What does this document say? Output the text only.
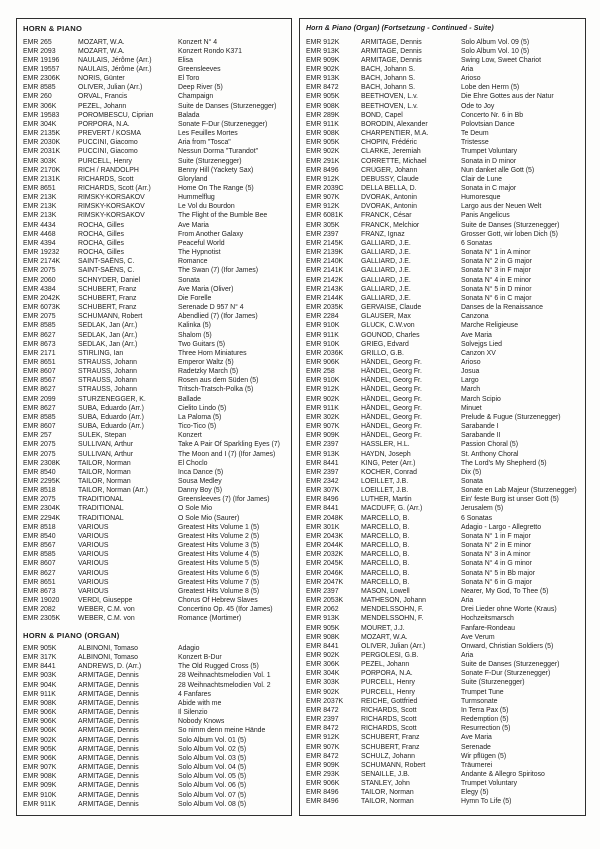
HORN & PIANO
EMR 265	MOZART, W.A.	Konzert N° 4
EMR 2093	MOZART, W.A.	Konzert Rondo K371
EMR 19196	NAULAIS, Jérôme (Arr.)	Elisa
EMR 19557	NAULAIS, Jérôme (Arr.)	Greensleeves
EMR 2306K	NORIS, Günter	El Toro
EMR 8585	OLIVER, Julian (Arr.)	Deep River (5)
EMR 260	ORVAL, Francis	Champaign
EMR 306K	PEZEL, Johann	Suite de Danses (Sturzenegger)
EMR 19583	POROMBESCU, Ciprian	Balada
EMR 304K	PORPORA, N.A.	Sonate F-Dur (Sturzenegger)
EMR 2135K	PREVERT / KOSMA	Les Feuilles Mortes
EMR 2030K	PUCCINI, Giacomo	Aria from "Tosca"
EMR 2031K	PUCCINI, Giacomo	Nessun Dorma "Turandot"
EMR 303K	PURCELL, Henry	Suite (Sturzenegger)
EMR 2170K	RICH / RANDOLPH	Benny Hill (Yackety Sax)
EMR 2131K	RICHARDS, Scott	Gloryland
EMR 8651	RICHARDS, Scott (Arr.)	Home On The Range (5)
EMR 213K	RIMSKY-KORSAKOV	Hummelflug
EMR 213K	RIMSKY-KORSAKOV	Le Vol du Bourdon
EMR 213K	RIMSKY-KORSAKOV	The Flight of the Bumble Bee
EMR 4434	ROCHA, Gilles	Ave Maria
EMR 4468	ROCHA, Gilles	From Another Galaxy
EMR 4394	ROCHA, Gilles	Peaceful World
EMR 19232	ROCHA, Gilles	The Hypnotist
EMR 2174K	SAINT-SAËNS, C.	Romance
EMR 2075	SAINT-SAËNS, C.	The Swan (7) (Ifor James)
EMR 2060	SCHNYDER, Daniel	Sonata
EMR 4384	SCHUBERT, Franz	Ave Maria (Oliver)
EMR 2042K	SCHUBERT, Franz	Die Forelle
EMR 6073K	SCHUBERT, Franz	Serenade D 957 N° 4
EMR 2075	SCHUMANN, Robert	Abendlied (7) (Ifor James)
EMR 8585	SEDLAK, Jan (Arr.)	Kalinka (5)
EMR 8627	SEDLAK, Jan (Arr.)	Shalom (5)
EMR 8673	SEDLAK, Jan (Arr.)	Two Guitars (5)
EMR 2171	STIRLING, Ian	Three Horn Miniatures
EMR 8651	STRAUSS, Johann	Emperor Waltz (5)
EMR 8607	STRAUSS, Johann	Radetzky March (5)
EMR 8567	STRAUSS, Johann	Rosen aus dem Süden (5)
EMR 8627	STRAUSS, Johann	Tritsch-Tratsch-Polka (5)
EMR 2099	STURZENEGGER, K.	Ballade
EMR 8627	SUBA, Eduardo (Arr.)	Cielito Lindo (5)
EMR 8585	SUBA, Eduardo (Arr.)	La Paloma (5)
EMR 8607	SUBA, Eduardo (Arr.)	Tico-Tico (5)
EMR 257	SULEK, Stepan	Konzert
EMR 2075	SULLIVAN, Arthur	Take A Pair Of Sparkling Eyes (7)
EMR 2075	SULLIVAN, Arthur	The Moon and I (7) (Ifor James)
EMR 2308K	TAILOR, Norman	El Choclo
EMR 8540	TAILOR, Norman	Inca Dance (5)
EMR 2295K	TAILOR, Norman	Sousa Medley
EMR 8518	TAILOR, Norman (Arr.)	Danny Boy (5)
EMR 2075	TRADITIONAL	Greensleeves (7) (Ifor James)
EMR 2304K	TRADITIONAL	O Sole Mio
EMR 2294K	TRADITIONAL	O Sole Mio (Saurer)
EMR 8518	VARIOUS	Greatest Hits Volume 1 (5)
EMR 8540	VARIOUS	Greatest Hits Volume 2 (5)
EMR 8567	VARIOUS	Greatest Hits Volume 3 (5)
EMR 8585	VARIOUS	Greatest Hits Volume 4 (5)
EMR 8607	VARIOUS	Greatest Hits Volume 5 (5)
EMR 8627	VARIOUS	Greatest Hits Volume 6 (5)
EMR 8651	VARIOUS	Greatest Hits Volume 7 (5)
EMR 8673	VARIOUS	Greatest Hits Volume 8 (5)
EMR 19020	VERDI, Giuseppe	Chorus Of Hebrew Slaves
EMR 2082	WEBER, C.M. von	Concertino Op. 45 (Ifor James)
EMR 2305K	WEBER, C.M. von	Romance (Mortimer)
HORN & PIANO (ORGAN)
EMR 905K	ALBINONI, Tomaso	Adagio
EMR 317K	ALBINONI, Tomaso	Konzert B-Dur
EMR 8441	ANDREWS, D. (Arr.)	The Old Rugged Cross (5)
EMR 903K	ARMITAGE, Dennis	28 Weihnachtsmelodien Vol. 1
EMR 904K	ARMITAGE, Dennis	28 Weihnachtsmelodien Vol. 2
EMR 911K	ARMITAGE, Dennis	4 Fanfares
EMR 908K	ARMITAGE, Dennis	Abide with me
EMR 906K	ARMITAGE, Dennis	Il Silenzio
EMR 906K	ARMITAGE, Dennis	Nobody Knows
EMR 906K	ARMITAGE, Dennis	So nimm denn meine Hände
EMR 902K	ARMITAGE, Dennis	Solo Album Vol. 01 (5)
EMR 905K	ARMITAGE, Dennis	Solo Album Vol. 02 (5)
EMR 906K	ARMITAGE, Dennis	Solo Album Vol. 03 (5)
EMR 907K	ARMITAGE, Dennis	Solo Album Vol. 04 (5)
EMR 908K	ARMITAGE, Dennis	Solo Album Vol. 05 (5)
EMR 909K	ARMITAGE, Dennis	Solo Album Vol. 06 (5)
EMR 910K	ARMITAGE, Dennis	Solo Album Vol. 07 (5)
EMR 911K	ARMITAGE, Dennis	Solo Album Vol. 08 (5)
Horn & Piano (Organ) (Fortsetzung - Continued - Suite)
EMR 912K	ARMITAGE, Dennis	Solo Album Vol. 09 (5)
EMR 913K	ARMITAGE, Dennis	Solo Album Vol. 10 (5)
EMR 909K	ARMITAGE, Dennis	Swing Low, Sweet Chariot
EMR 902K	BACH, Johann S.	Aria
EMR 913K	BACH, Johann S.	Arioso
EMR 8472	BACH, Johann S.	Lobe den Herrn (5)
EMR 905K	BEETHOVEN, L.v.	Die Ehre Gottes aus der Natur
EMR 908K	BEETHOVEN, L.v.	Ode to Joy
EMR 289K	BOND, Capel	Concerto Nr. 6 in Bb
EMR 911K	BORODIN, Alexander	Polovtsian Dance
EMR 908K	CHARPENTIER, M.A.	Te Deum
EMR 905K	CHOPIN, Frédéric	Tristesse
EMR 902K	CLARKE, Jeremiah	Trumpet Voluntary
EMR 291K	CORRETTE, Michael	Sonata in D minor
EMR 8496	CRÜGER, Johann	Nun danket alle Gott (5)
EMR 912K	DEBUSSY, Claude	Clair de Lune
EMR 2039C	DELLA BELLA, D.	Sonata in C major
EMR 907K	DVORAK, Antonin	Humoresque
EMR 912K	DVORAK, Antonin	Largo aus der Neuen Welt
EMR 6081K	FRANCK, César	Panis Angelicus
EMR 305K	FRANCK, Melchior	Suite de Danses (Sturzenegger)
EMR 2397	FRANZ, Ignaz	Grosser Gott, wir loben Dich (5)
EMR 2145K	GALLIARD, J.E.	6 Sonatas
EMR 2139K	GALLIARD, J.E.	Sonata N° 1 in A minor
EMR 2140K	GALLIARD, J.E.	Sonata N° 2 in G major
EMR 2141K	GALLIARD, J.E.	Sonata N° 3 in F major
EMR 2142K	GALLIARD, J.E.	Sonata N° 4 in E minor
EMR 2143K	GALLIARD, J.E.	Sonata N° 5 in D minor
EMR 2144K	GALLIARD, J.E.	Sonata N° 6 in C major
EMR 2035K	GERVAISE, Claude	Danses de la Renaissance
EMR 2284	GLAUSER, Max	Canzona
EMR 910K	GLUCK, C.W.von	Marche Religieuse
EMR 911K	GOUNOD, Charles	Ave Maria
EMR 910K	GRIEG, Edvard	Solvejgs Lied
EMR 2036K	GRILLO, G.B.	Canzon XV
EMR 906K	HÄNDEL, Georg Fr.	Arioso
EMR 258	HÄNDEL, Georg Fr.	Josua
EMR 910K	HÄNDEL, Georg Fr.	Largo
EMR 912K	HÄNDEL, Georg Fr.	March
EMR 902K	HÄNDEL, Georg Fr.	March Scipio
EMR 911K	HÄNDEL, Georg Fr.	Minuet
EMR 302K	HÄNDEL, Georg Fr.	Prelude & Fugue (Sturzenegger)
EMR 907K	HÄNDEL, Georg Fr.	Sarabande I
EMR 909K	HÄNDEL, Georg Fr.	Sarabande II
EMR 2397	HASSLER, H.L.	Passion Choral (5)
EMR 913K	HAYDN, Joseph	St. Anthony Choral
EMR 8441	KING, Peter (Arr.)	The Lord's My Shepherd (5)
EMR 2397	KOCHER, Conrad	Dix (5)
EMR 2342	LOEILLET, J.B.	Sonata
EMR 307K	LOEILLET, J.B.	Sonate en Lab Majeur (Sturzenegger)
EMR 8496	LUTHER, Martin	Ein' feste Burg ist unser Gott (5)
EMR 8441	MACDUFF, G. (Arr.)	Jerusalem (5)
EMR 2048K	MARCELLO, B.	6 Sonatas
EMR 301K	MARCELLO, B.	Adagio - Largo - Allegretto
EMR 2043K	MARCELLO, B.	Sonata N° 1 in F major
EMR 2044K	MARCELLO, B.	Sonata N° 2 in E minor
EMR 2032K	MARCELLO, B.	Sonata N° 3 in A minor
EMR 2045K	MARCELLO, B.	Sonata N° 4 in G minor
EMR 2046K	MARCELLO, B.	Sonata N° 5 in Bb major
EMR 2047K	MARCELLO, B.	Sonata N° 6 in G major
EMR 2397	MASON, Lowell	Nearer, My God, To Thee (5)
EMR 2053K	MATHESON, Johann	Aria
EMR 2062	MENDELSSOHN, F.	Drei Lieder ohne Worte (Kraus)
EMR 913K	MENDELSSOHN, F.	Hochzeitsmarsch
EMR 905K	MOURET, J.J.	Fanfare-Rondeau
EMR 908K	MOZART, W.A.	Ave Verum
EMR 8441	OLIVER, Julian (Arr.)	Onward, Christian Soldiers (5)
EMR 902K	PERGOLESI, G.B.	Aria
EMR 306K	PEZEL, Johann	Suite de Danses (Sturzenegger)
EMR 304K	PORPORA, N.A.	Sonate F-Dur (Sturzenegger)
EMR 303K	PURCELL, Henry	Suite (Sturzenegger)
EMR 902K	PURCELL, Henry	Trumpet Tune
EMR 2037K	REICHE, Gottfried	Turmsonate
EMR 8472	RICHARDS, Scott	In Terra Pax (5)
EMR 2397	RICHARDS, Scott	Redemption (5)
EMR 8472	RICHARDS, Scott	Resurrection (5)
EMR 912K	SCHUBERT, Franz	Ave Maria
EMR 907K	SCHUBERT, Franz	Serenade
EMR 8472	SCHULZ, Johann	Wir pflügen (5)
EMR 909K	SCHUMANN, Robert	Träumerei
EMR 293K	SENAILLE, J.B.	Andante & Allegro Spiritoso
EMR 906K	STANLEY, John	Trumpet Voluntary
EMR 8496	TAILOR, Norman	Elegy (5)
EMR 8496	TAILOR, Norman	Hymn To Life (5)
